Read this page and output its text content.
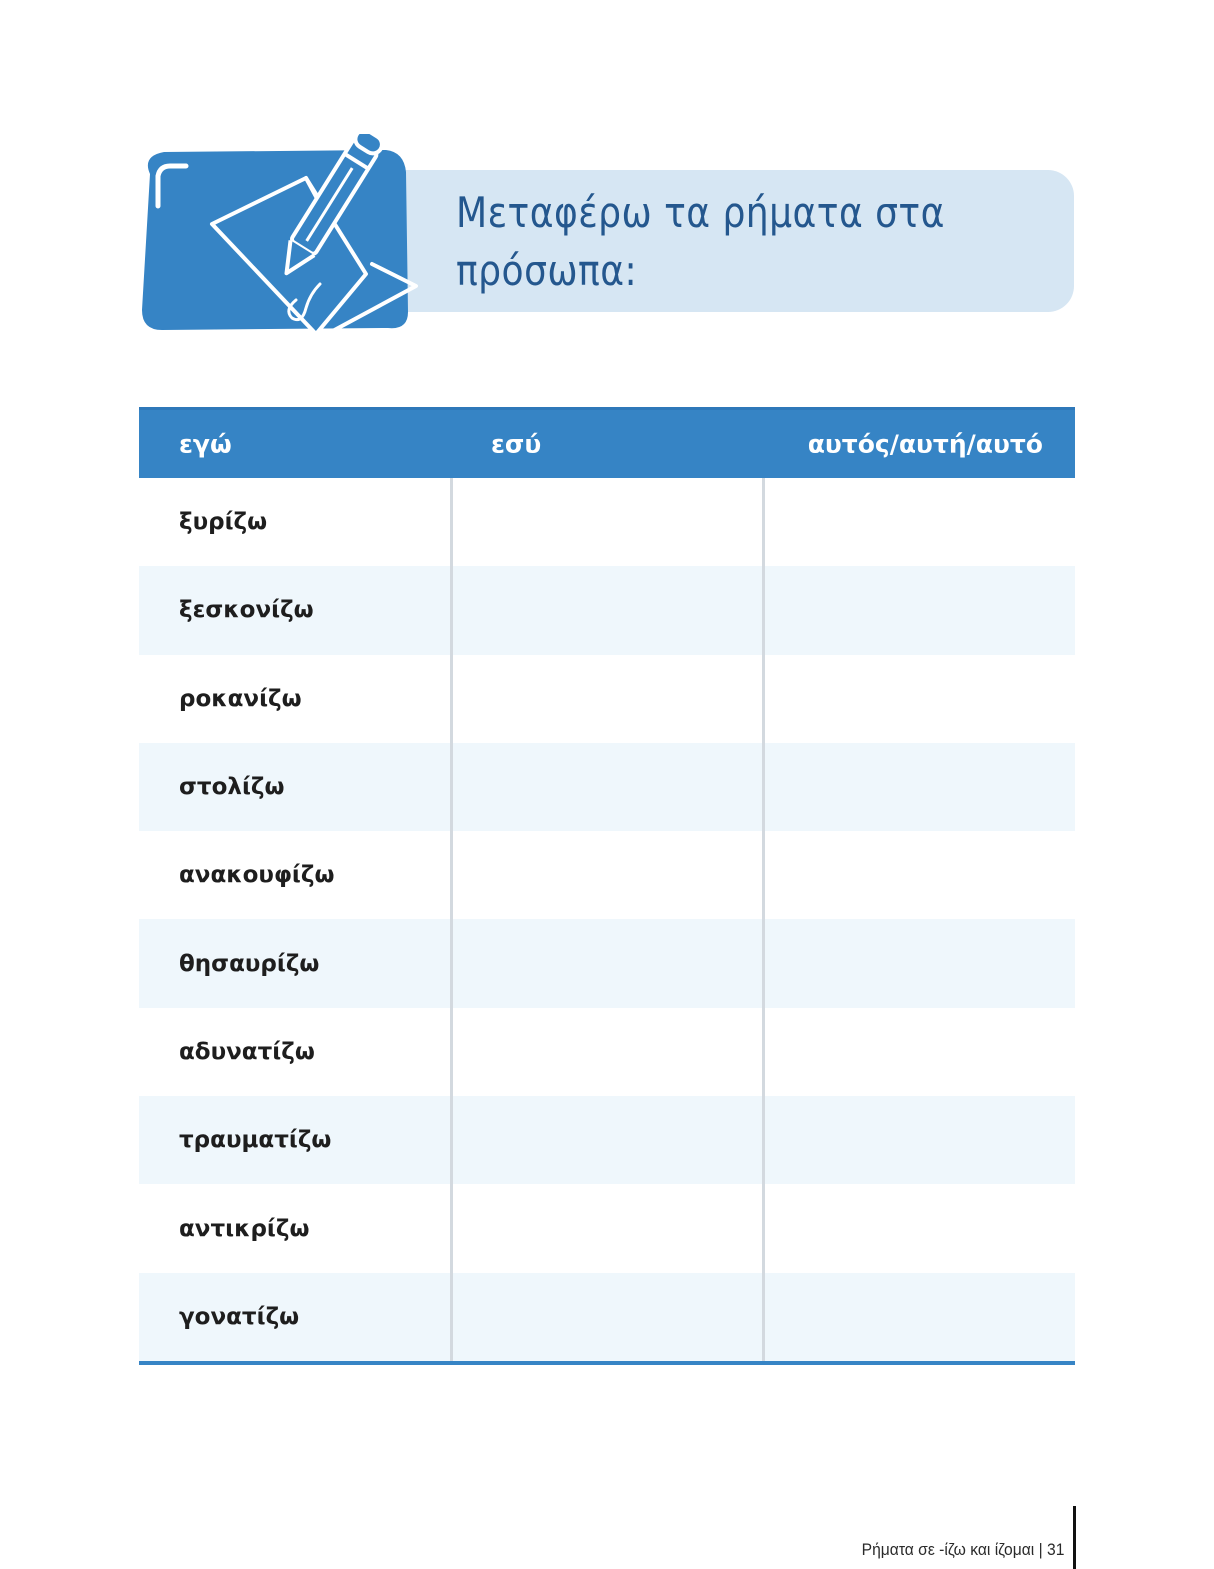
Μεταφέρω τα ρήματα στα πρόσωπα:
εγώ	εσύ	αυτός/αυτή/αυτό
ξυρίζω
ξεσκονίζω
ροκανίζω
στολίζω
ανακουφίζω
θησαυρίζω
αδυνατίζω
τραυματίζω
αντικρίζω
γονατίζω
Ρήματα σε -ίζω και ίζομαι | 31
